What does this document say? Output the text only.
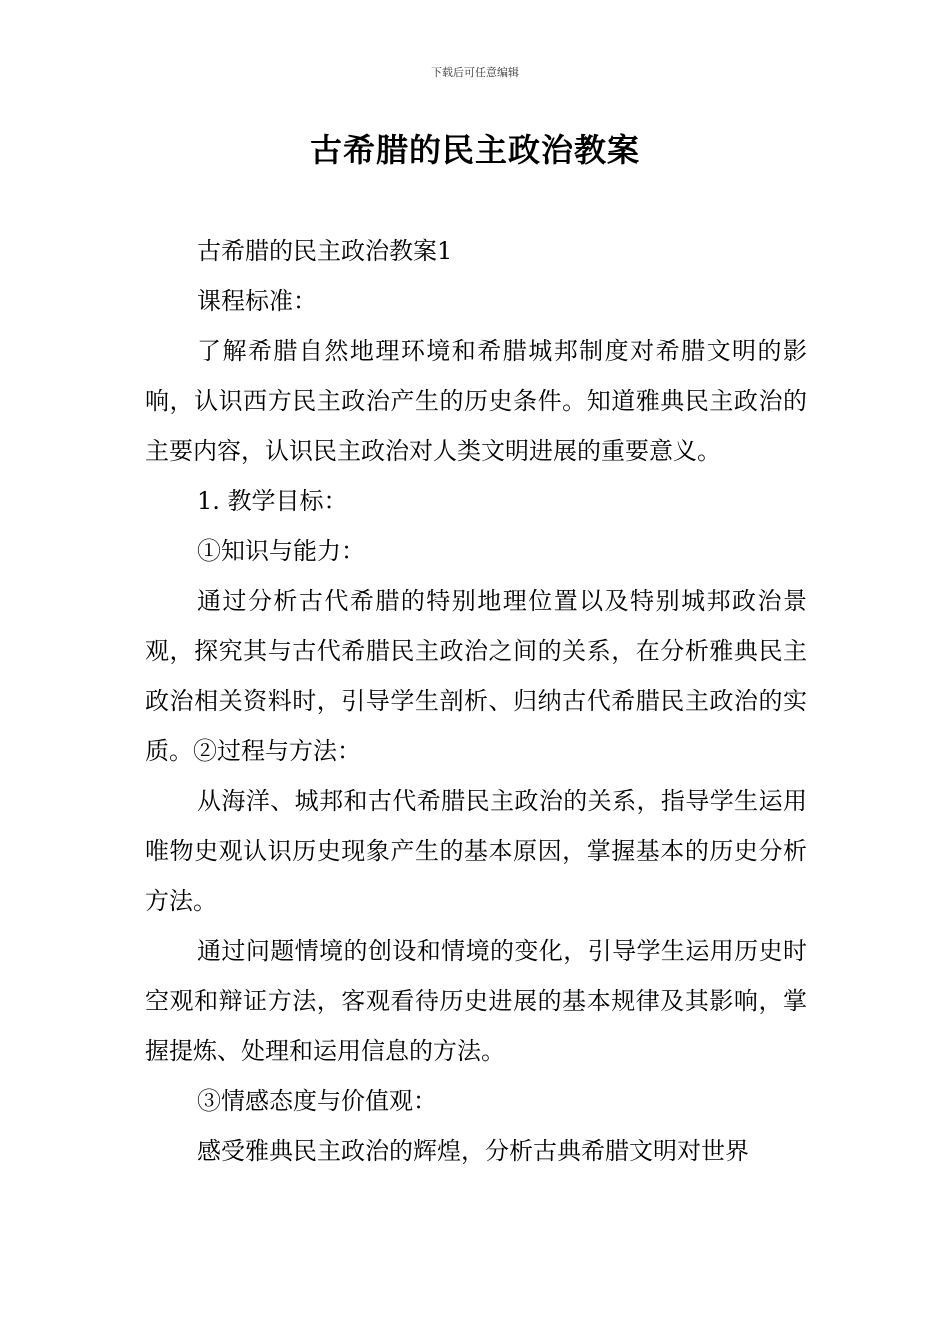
下载后可任意编辑
古希腊的民主政治教案

古希腊的民主政治教案1

课程标准：

了解希腊自然地理环境和希腊城邦制度对希腊文明的影响，认识西方民主政治产生的历史条件。知道雅典民主政治的主要内容，认识民主政治对人类文明进展的重要意义。

1. 教学目标：

①知识与能力：

通过分析古代希腊的特别地理位置以及特别城邦政治景观，探究其与古代希腊民主政治之间的关系，在分析雅典民主政治相关资料时，引导学生剖析、归纳古代希腊民主政治的实质。②过程与方法：

从海洋、城邦和古代希腊民主政治的关系，指导学生运用唯物史观认识历史现象产生的基本原因，掌握基本的历史分析方法。

通过问题情境的创设和情境的变化，引导学生运用历史时空观和辩证方法，客观看待历史进展的基本规律及其影响，掌握提炼、处理和运用信息的方法。

③情感态度与价值观：

感受雅典民主政治的辉煌，分析古典希腊文明对世界
